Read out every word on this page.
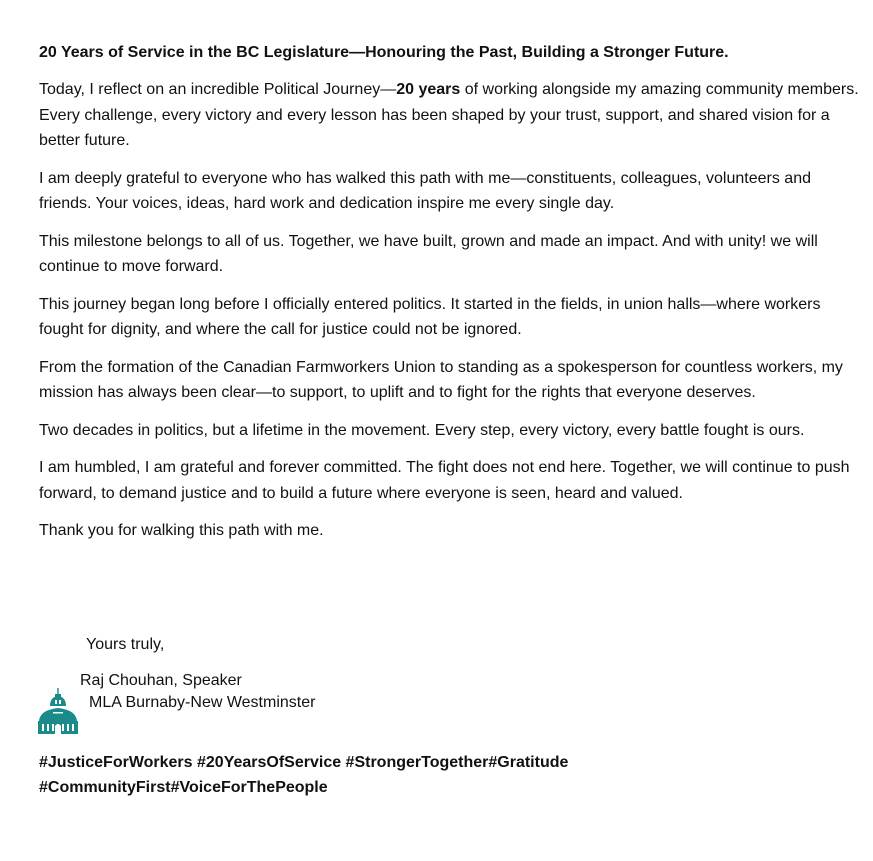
20 Years of Service in the BC Legislature—Honouring the Past, Building a Stronger Future.

Today, I reflect on an incredible Political Journey—20 years of working alongside my amazing community members. Every challenge, every victory and every lesson has been shaped by your trust, support, and shared vision for a better future.

I am deeply grateful to everyone who has walked this path with me—constituents, colleagues, volunteers and friends. Your voices, ideas, hard work and dedication inspire me every single day.

This milestone belongs to all of us. Together, we have built, grown and made an impact. And with unity! we will continue to move forward.

This journey began long before I officially entered politics. It started in the fields, in union halls—where workers fought for dignity, and where the call for justice could not be ignored.

From the formation of the Canadian Farmworkers Union to standing as a spokesperson for countless workers, my mission has always been clear—to support, to uplift and to fight for the rights that everyone deserves.

Two decades in politics, but a lifetime in the movement. Every step, every victory, every battle fought is ours.

I am humbled, I am grateful and forever committed. The fight does not end here. Together, we will continue to push forward, to demand justice and to build a future where everyone is seen, heard and valued.

Thank you for walking this path with me.

Yours truly,
Raj Chouhan, Speaker
MLA Burnaby-New Westminster
#JusticeForWorkers #20YearsOfService #StrongerTogether#Gratitude
#CommunityFirst#VoiceForThePeople
